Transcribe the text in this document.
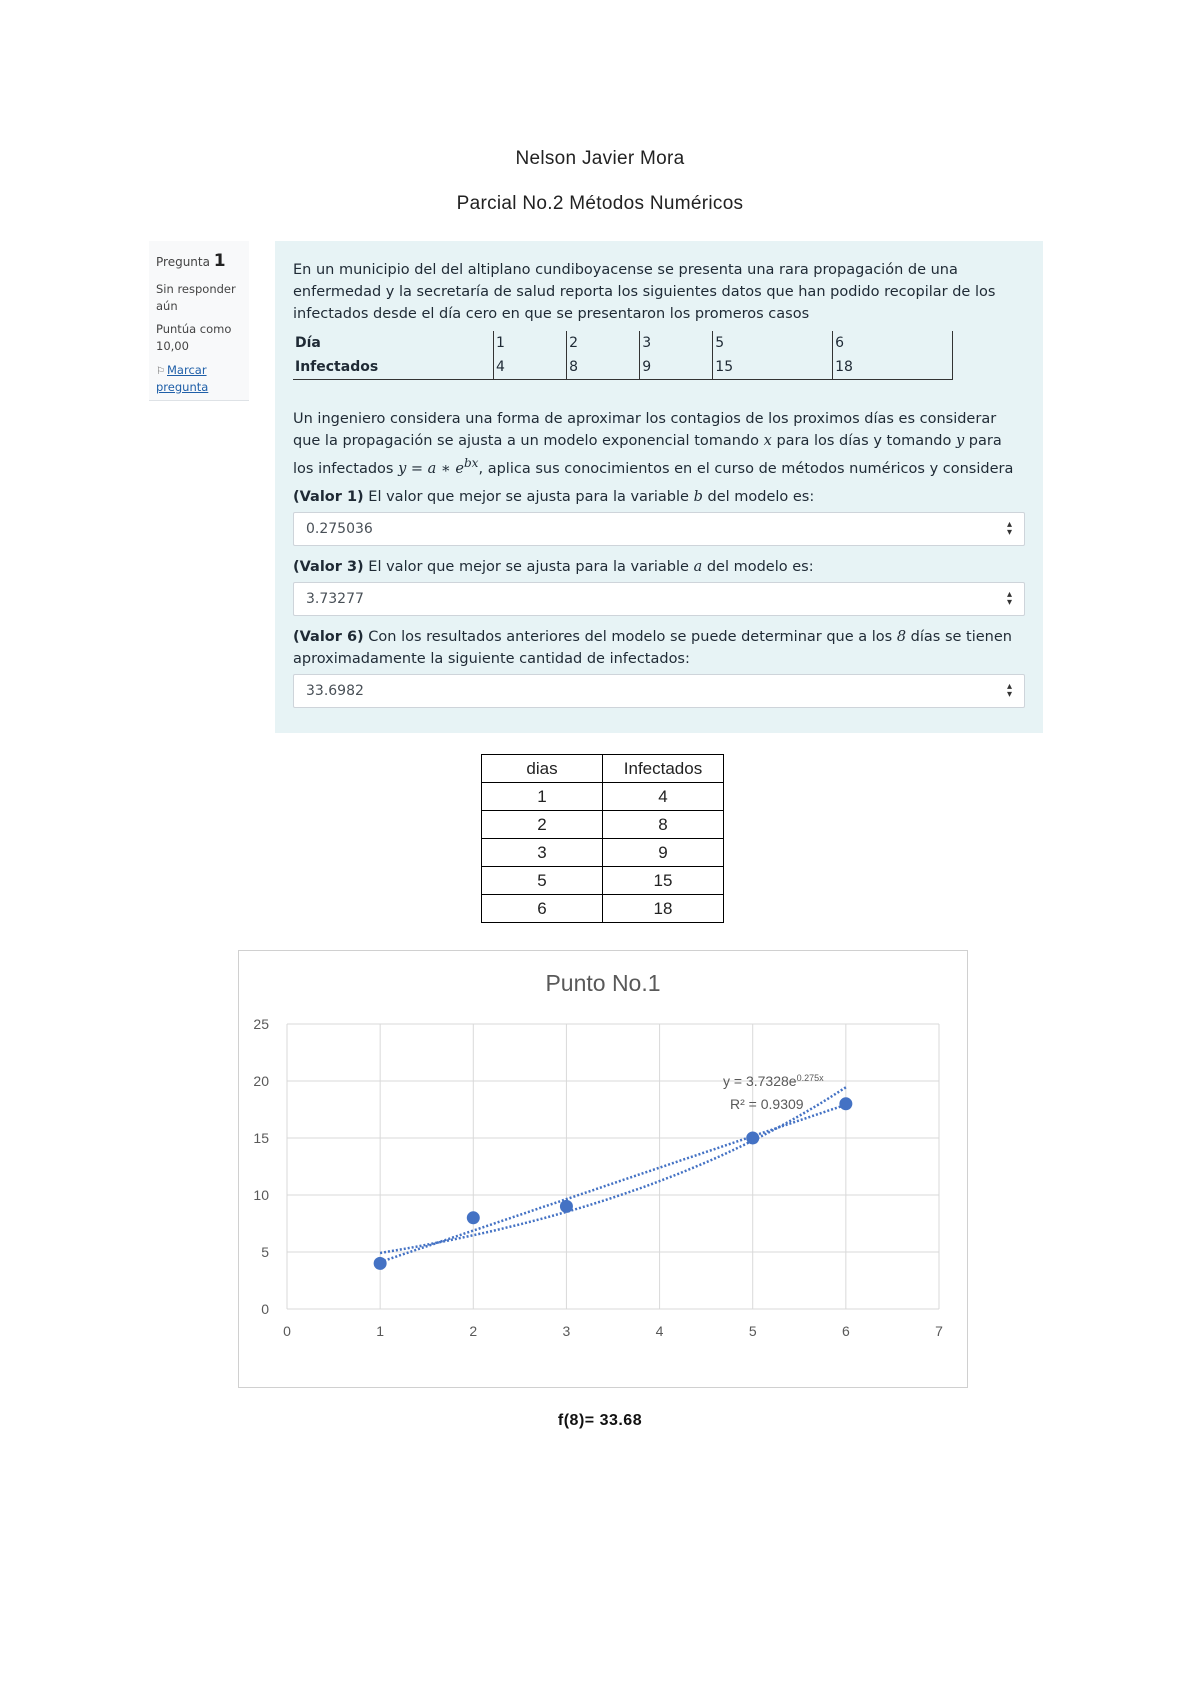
Nelson Javier Mora
Parcial No.2 Métodos Numéricos
Pregunta 1
Sin responder aún
Puntúa como 10,00
⚐ Marcar pregunta

En un municipio del del altiplano cundiboyacense se presenta una rara propagación de una enfermedad y la secretaría de salud reporta los siguientes datos que han podido recopilar de los infectados desde el día cero en que se presentaron los promeros casos

Día	1	2	3	5	6
Infectados	4	8	9	15	18

Un ingeniero considera una forma de aproximar los contagios de los proximos días es considerar que la propagación se ajusta a un modelo exponencial tomando x para los días y tomando y para los infectados y = a ∗ $e^{bx}$, aplica sus conocimientos en el curso de métodos numéricos y considera

(Valor 1) El valor que mejor se ajusta para la variable b del modelo es:
0.275036	▴
▾
(Valor 3) El valor que mejor se ajusta para la variable a del modelo es:
3.73277	▴
▾
(Valor 6) Con los resultados anteriores del modelo se puede determinar que a los 8 días se tienen aproximadamente la siguiente cantidad de infectados:
33.6982	▴
▾
dias	Infectados
1	4
2	8
3	9
5	15
6	18
Punto No.1
0	1	2	3	4	5	6	7
0
5
10
15
20
25
$y = 3.7328e^{0.275x}$
R² = 0.9309
f(8)= 33.68
